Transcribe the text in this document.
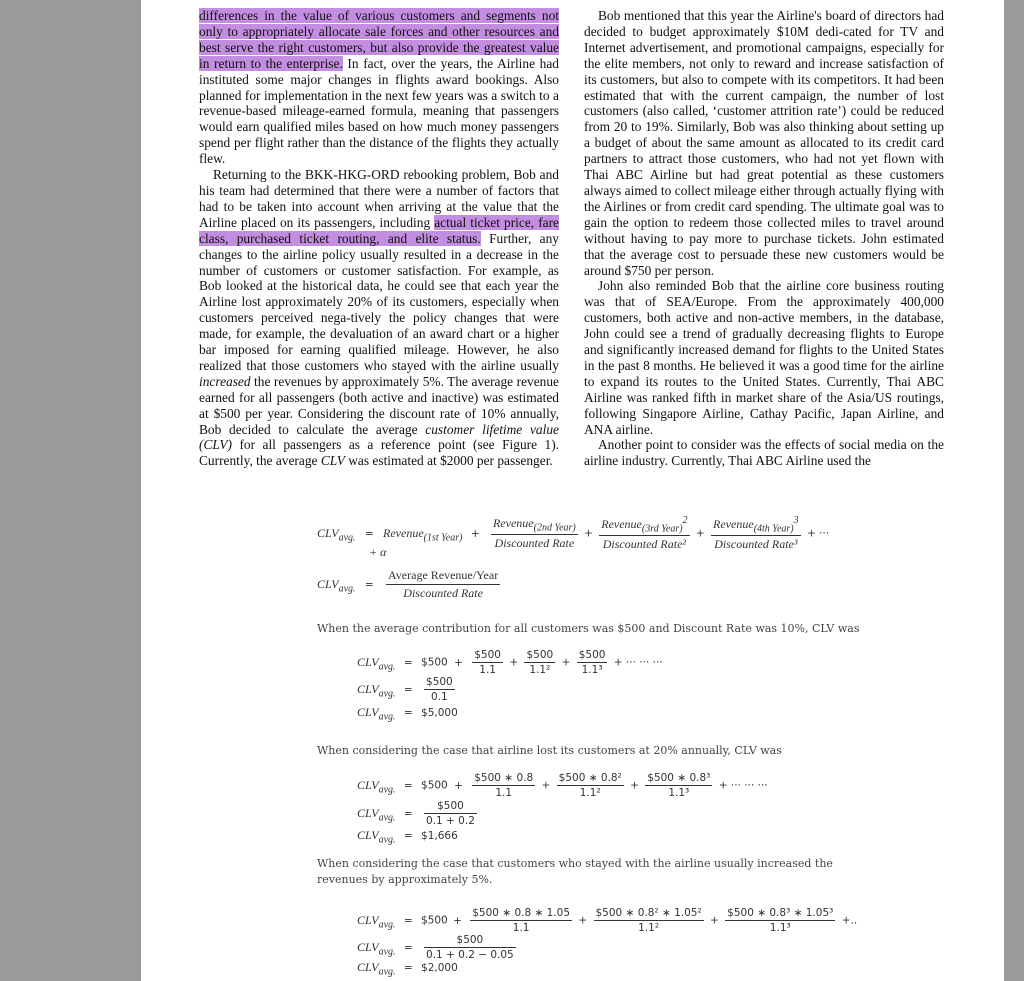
differences in the value of various customers and segments not only to appropriately allocate sale forces and other resources and best serve the right customers, but also provide the greatest value in return to the enterprise. In fact, over the years, the Airline had instituted some major changes in flights award bookings. Also planned for implementation in the next few years was a switch to a revenue-based mileage-earned formula, meaning that passengers would earn qualified miles based on how much money passengers spend per flight rather than the distance of the flights they actually flew.

Returning to the BKK-HKG-ORD rebooking problem, Bob and his team had determined that there were a number of factors that had to be taken into account when arriving at the value that the Airline placed on its passengers, including actual ticket price, fare class, purchased ticket routing, and elite status. Further, any changes to the airline policy usually resulted in a decrease in the number of customers or customer satisfaction. For example, as Bob looked at the historical data, he could see that each year the Airline lost approximately 20% of its customers, especially when customers perceived nega-tively the policy changes that were made, for example, the devaluation of an award chart or a higher bar imposed for earning qualified mileage. However, he also realized that those customers who stayed with the airline usually increased the revenues by approximately 5%. The average revenue earned for all passengers (both active and inactive) was estimated at $500 per year. Considering the discount rate of 10% annually, Bob decided to calculate the average customer lifetime value (CLV) for all passengers as a reference point (see Figure 1). Currently, the average CLV was estimated at $2000 per passenger.

Bob mentioned that this year the Airline's board of directors had decided to budget approximately $10M dedi-cated for TV and Internet advertisement, and promotional campaigns, especially for the elite members, not only to reward and increase satisfaction of its customers, but also to compete with its competitors. It had been estimated that with the current campaign, the number of lost customers (also called, ‘customer attrition rate’) could be reduced from 20 to 19%. Similarly, Bob was also thinking about setting up a budget of about the same amount as allocated to its credit card partners to attract those customers, who had not yet flown with Thai ABC Airline but had great potential as these customers always aimed to collect mileage either through actually flying with the Airlines or from credit card spending. The ultimate goal was to gain the option to redeem those collected miles to travel around without having to pay more to purchase tickets. John estimated that the average cost to persuade these new customers would be around $750 per person.

John also reminded Bob that the airline core business routing was that of SEA/Europe. From the approximately 400,000 customers, both active and non-active members, in the database, John could see a trend of gradually decreasing flights to Europe and significantly increased demand for flights to the United States in the past 8 months. He believed it was a good time for the airline to expand its routes to the United States. Currently, Thai ABC Airline was ranked fifth in market share of the Asia/US routings, following Singapore Airline, Cathay Pacific, Japan Airline, and ANA airline.

Another point to consider was the effects of social media on the airline industry. Currently, Thai ABC Airline used the

$CLV_{avg.}$ = Revenue$_{(1st Year)}$ + $\frac{Revenue_{(2nd Year)}}{\text{Discounted Rate}} + \frac{Revenue_{(3rd Year)}^2}{\text{Discounted Rate²}} + \frac{Revenue_{(4th Year)}^3}{\text{Discounted Rate³}}$ + ···
+ α
$CLV_{avg.} = \frac{\text{Average Revenue/Year}}{\text{Discounted Rate}}$
When the average contribution for all customers was $500 and Discount Rate was 10%, CLV was
$CLV_{avg.}$ = $500 + $\frac{\$500}{1.1} + \frac{\$500}{\text{1.1²}} + \frac{\$500}{\text{1.1³}}$ + ··· ··· ···
$CLV_{avg.} = \frac{\$500}{0.1}$
$CLV_{avg.}$ = $5,000
When considering the case that airline lost its customers at 20% annually, CLV was
$CLV_{avg.}$ = $500 + $\frac{\$500 ∗ 0.8}{1.1} + \frac{\text{\$500 ∗ 0.8²}}{\text{1.1²}} + \frac{\text{\$500 ∗ 0.8³}}{\text{1.1³}}$ + ··· ··· ···
$CLV_{avg.} = \frac{\$500}{0.1 + 0.2}$
$CLV_{avg.}$ = $1,666
When considering the case that customers who stayed with the airline usually increased the
revenues by approximately 5%.
$CLV_{avg.}$ = $500 + $\frac{\$500 ∗ 0.8 ∗ 1.05}{1.1} + \frac{\text{\$500 ∗ 0.8² ∗ 1.05²}}{\text{1.1²}} + \frac{\text{\$500 ∗ 0.8³ ∗ 1.05³}}{\text{1.1³}}$ +..
$CLV_{avg.} = \frac{\$500}{0.1 + 0.2 - 0.05}$
$CLV_{avg.}$ = $2,000
